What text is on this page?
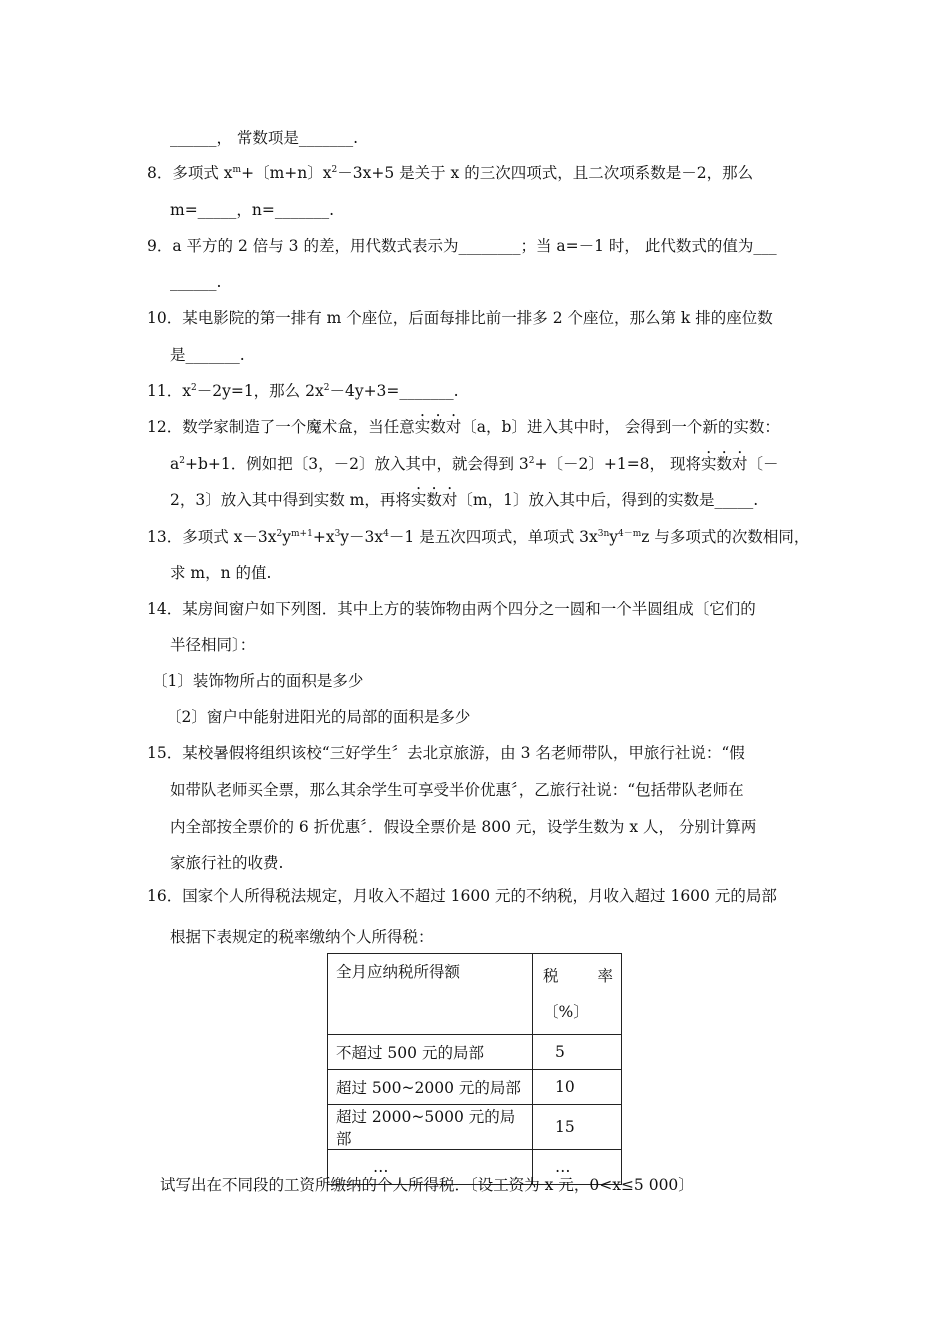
______， 常数项是_______.
8．多项式 $x^m+$〔m+n〕$x^2-3x+5$ 是关于 x 的三次四项式，且二次项系数是－2，那么
m=_____，n=_______.
9．a 平方的 2 倍与 3 的差，用代数式表示为________；当 a=－1 时， 此代数式的值为___
______.
10．某电影院的第一排有 m 个座位，后面每排比前一排多 2 个座位，那么第 k 排的座位数
是_______.
11．$x^2-2y=1$，那么 $2x^2-4y+3=\_\_\_\_\_\_\_$.
12．数学家制造了一个魔术盒，当任意实数对〔a，b〕进入其中时， 会得到一个新的实数：
$a^2+b+1$．例如把〔3，－2〕放入其中，就会得到 $3^2+$〔－2〕+1=8， 现将实数对〔－
2，3〕放入其中得到实数 m，再将实数对〔m，1〕放入其中后，得到的实数是_____.
13．多项式 $x-3x^2y^{m+1}+x^3y-3x^4-1$ 是五次四项式，单项式 $3x^{3n}y^{4-m}z$ 与多项式的次数相同，
求 m，n 的值.
14．某房间窗户如下列图．其中上方的装饰物由两个四分之一圆和一个半圆组成〔它们的
半径相同〕：
〔1〕装饰物所占的面积是多少
〔2〕窗户中能射进阳光的局部的面积是多少
15．某校暑假将组织该校“三好学生〞去北京旅游，由 3 名老师带队，甲旅行社说：“假
如带队老师买全票，那么其余学生可享受半价优惠〞，乙旅行社说：“包括带队老师在
内全部按全票价的 6 折优惠〞．假设全票价是 800 元，设学生数为 x 人， 分别计算两
家旅行社的收费.
16．国家个人所得税法规定，月收入不超过 1600 元的不纳税，月收入超过 1600 元的局部
根据下表规定的税率缴纳个人所得税：
全月应纳税所得额	税 率
〔%〕

不超过 500 元的局部	5
超过 500~2000 元的局部	10
超过 2000~5000 元的局部	15
…	…
试写出在不同段的工资所缴纳的个人所得税．〔设工资为 x 元，0<x≤5 000〕
